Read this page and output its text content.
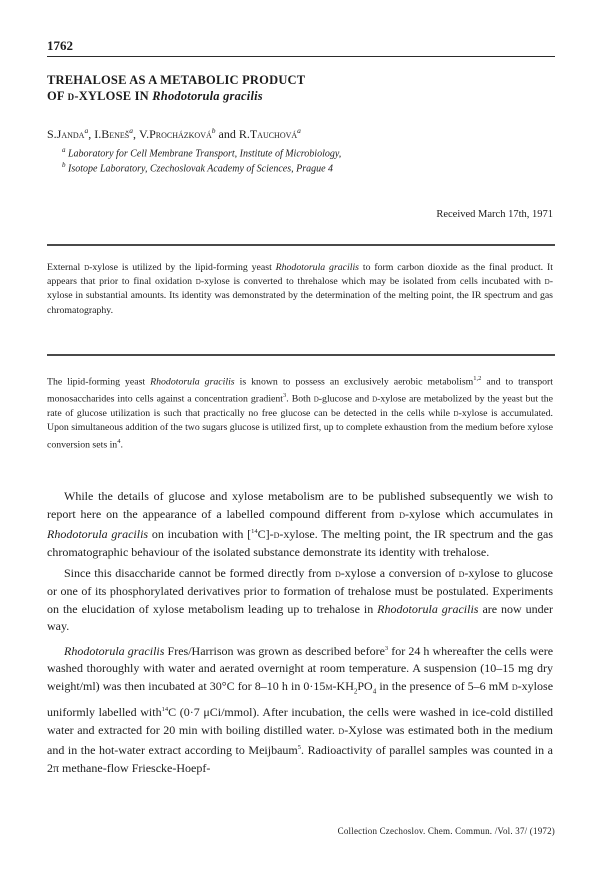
1762
TREHALOSE AS A METABOLIC PRODUCT
OF d-XYLOSE IN Rhodotorula gracilis
S.Janda$^a$, I.Beneš$^a$, V.Procházková$^b$ and R.Tauchová$^a$
$^a$ Laboratory for Cell Membrane Transport, Institute of Microbiology,
$^b$ Isotope Laboratory, Czechoslovak Academy of Sciences, Prague 4
Received March 17th, 1971
External d-xylose is utilized by the lipid-forming yeast Rhodotorula gracilis to form carbon dioxide as the final product. It appears that prior to final oxidation d-xylose is converted to threhalose which may be isolated from cells incubated with d-xylose in substantial amounts. Its identity was demonstrated by the determination of the melting point, the IR spectrum and gas chromatography.
The lipid-forming yeast Rhodotorula gracilis is known to possess an exclusively aerobic metabolism$^{1,2}$ and to transport monosaccharides into cells against a concentration gradient$^3$. Both d-glucose and d-xylose are metabolized by the yeast but the rate of glucose utilization is such that practically no free glucose can be detected in the cells while d-xylose is accumulated. Upon simultaneous addition of the two sugars glucose is utilized first, up to complete exhaustion from the medium before xylose conversion sets $in^4$.

While the details of glucose and xylose metabolism are to be published subsequently we wish to report here on the appearance of a labelled compound different from d-xylose which accumulates in Rhodotorula gracilis on incubation with [$^{14}$C]-d-xylose. The melting point, the IR spectrum and the gas chromatographic behaviour of the isolated substance demonstrate its identity with trehalose.

Since this disaccharide cannot be formed directly from d-xylose a conversion of d-xylose to glucose or one of its phosphorylated derivatives prior to formation of trehalose must be postulated. Experiments on the elucidation of xylose metabolism leading up to trehalose in Rhodotorula gracilis are now under way.

Rhodotorula gracilis Fres/Harrison was grown as described before$^3$ for 24 h whereafter the cells were washed thoroughly with water and aerated overnight at room temperature. A suspension (10–15 mg dry weight/ml) was then incubated at 30°C for 8–10 h in $0\cdot 15m-KH_2PO_4$ in the presence of 5–6 mM d-xylose uniformly labelled with$^{14}$C (0·7 μCi/mmol). After incubation, the cells were washed in ice-cold distilled water and extracted for 20 min with boiling distilled water. d-Xylose was estimated both in the medium and in the hot-water extract according to Meijbaum$^5$. Radioactivity of parallel samples was counted in a 2π methane-flow Friescke-Hoepf-

Collection Czechoslov. Chem. Commun. /Vol. 37/ (1972)
